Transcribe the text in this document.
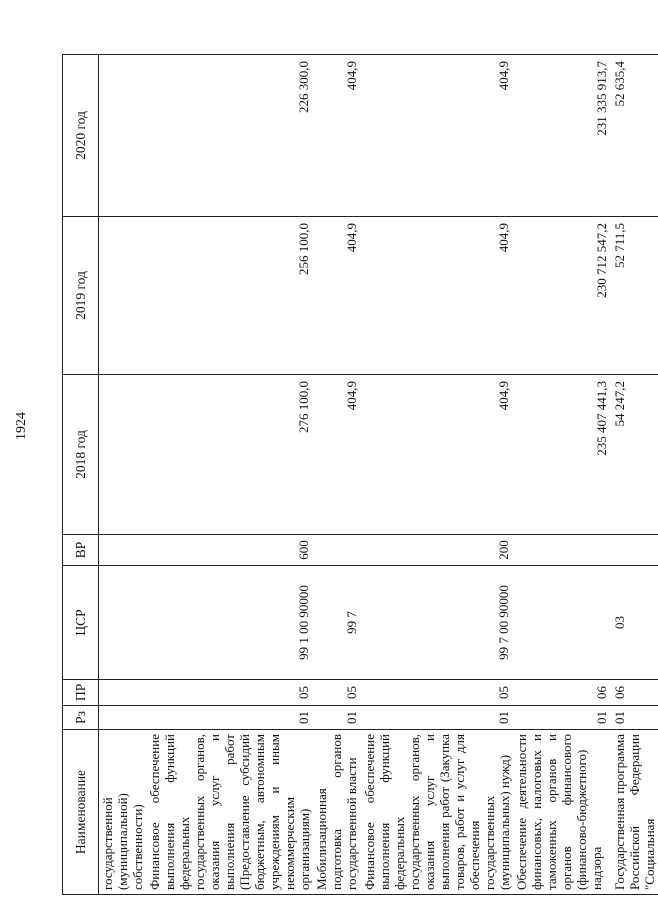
1924
Наименование	Рз	ПР	ЦСР	ВР	2018 год	2019 год	2020 год
государственной (муниципальной) собственности)							
Финансовое обеспечение выполнения функций федеральных государственных органов, оказания услуг и выполнения работ (Предоставление субсидий бюджетным, автономным учреждениям и иным некоммерческим организациям)	01	05	99 1 00 90000	600	276 100,0	256 100,0	226 300,0
Мобилизационная подготовка органов государственной власти	01	05	99 7		404,9	404,9	404,9
Финансовое обеспечение выполнения функций федеральных государственных органов, оказания услуг и выполнения работ (Закупка товаров, работ и услуг для обеспечения государственных (муниципальных) нужд)	01	05	99 7 00 90000	200	404,9	404,9	404,9
Обеспечение деятельности финансовых, налоговых и таможенных органов и органов финансового (финансово-бюджетного) надзора	01	06			235 407 441,3	230 712 547,2	231 335 913,7
Государственная программа Российской Федерации "Социальная	01	06	03		54 247,2	52 711,5	52 635,4
